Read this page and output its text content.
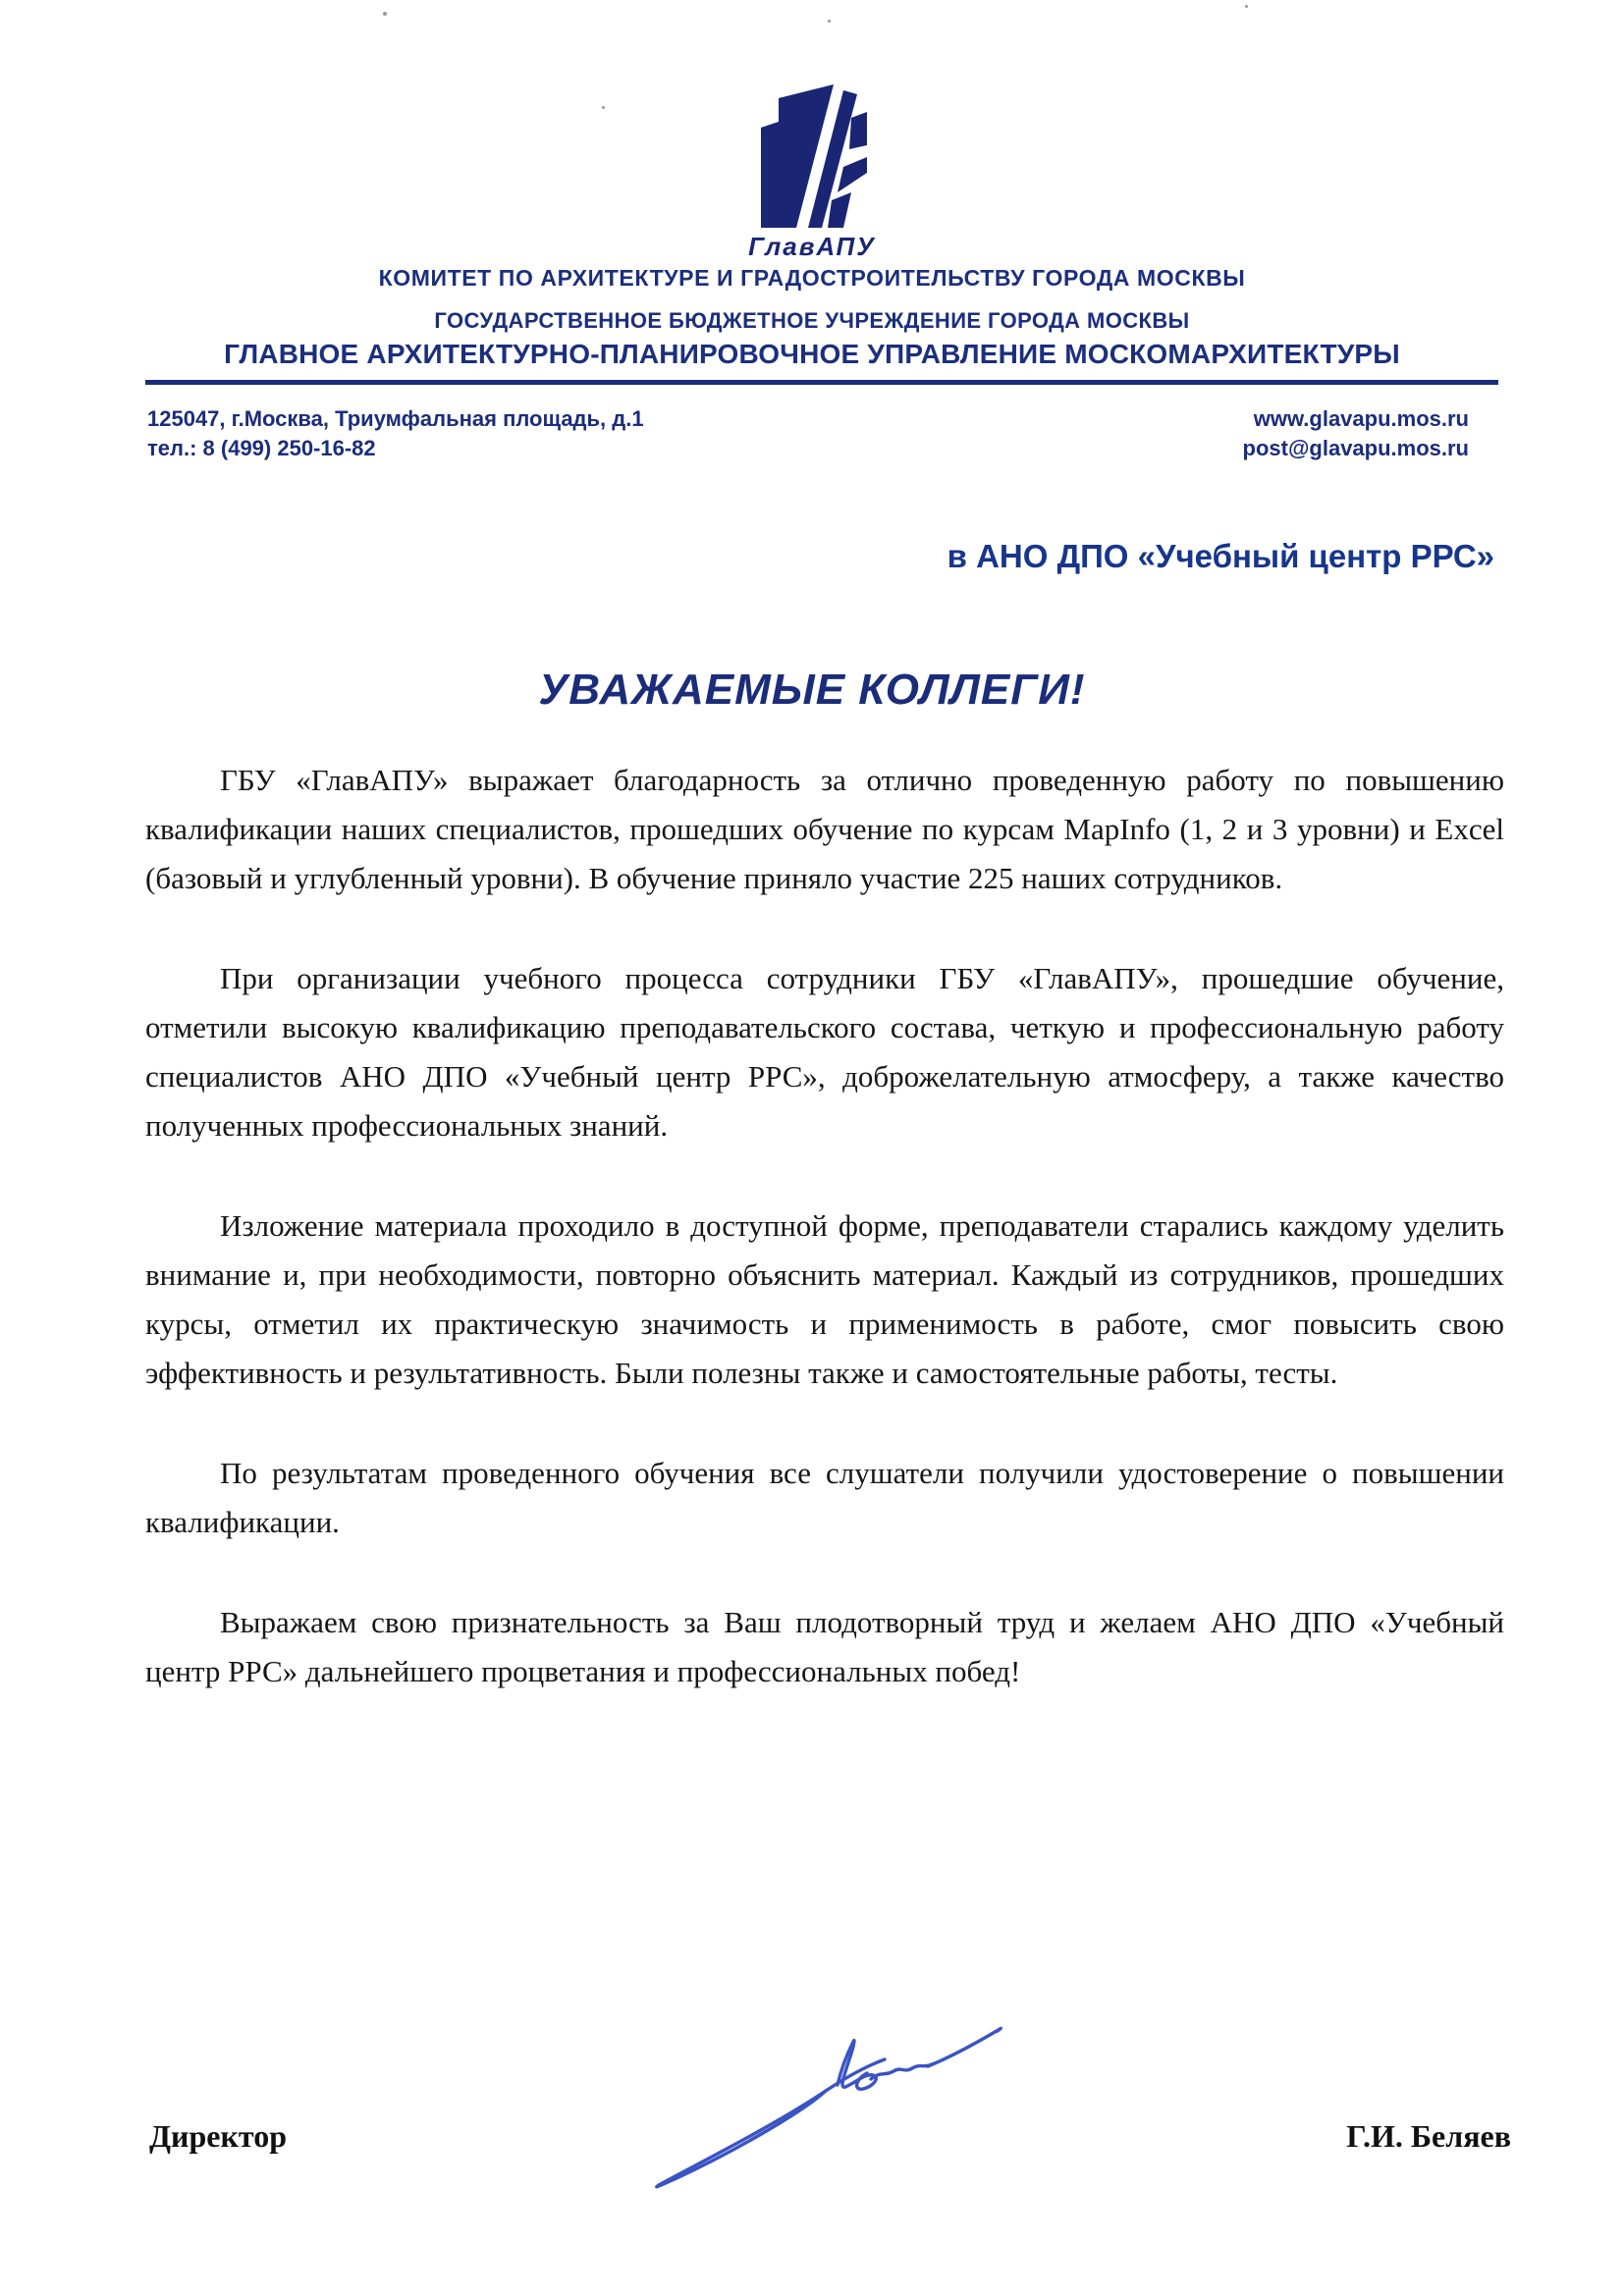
ГлавАПУ
КОМИТЕТ ПО АРХИТЕКТУРЕ И ГРАДОСТРОИТЕЛЬСТВУ ГОРОДА МОСКВЫ
ГОСУДАРСТВЕННОЕ БЮДЖЕТНОЕ УЧРЕЖДЕНИЕ ГОРОДА МОСКВЫ
ГЛАВНОЕ АРХИТЕКТУРНО-ПЛАНИРОВОЧНОЕ УПРАВЛЕНИЕ МОСКОМАРХИТЕКТУРЫ
125047, г.Москва, Триумфальная площадь, д.1
тел.: 8 (499) 250-16-82
www.glavapu.mos.ru
post@glavapu.mos.ru
в АНО ДПО «Учебный центр РРС»
УВАЖАЕМЫЕ КОЛЛЕГИ!

ГБУ «ГлавАПУ» выражает благодарность за отлично проведенную работу по повышению квалификации наших специалистов, прошедших обучение по курсам MapInfo (1, 2 и 3 уровни) и Excel (базовый и углубленный уровни). В обучение приняло участие 225 наших сотрудников.

При организации учебного процесса сотрудники ГБУ «ГлавАПУ», прошедшие обучение, отметили высокую квалификацию преподавательского состава, четкую и профессиональную работу специалистов АНО ДПО «Учебный центр РРС», доброжелательную атмосферу, а также качество полученных профессиональных знаний.

Изложение материала проходило в доступной форме, преподаватели старались каждому уделить внимание и, при необходимости, повторно объяснить материал. Каждый из сотрудников, прошедших курсы, отметил их практическую значимость и применимость в работе, смог повысить свою эффективность и результативность. Были полезны также и самостоятельные работы, тесты.

По результатам проведенного обучения все слушатели получили удостоверение о повышении квалификации.

Выражаем свою признательность за Ваш плодотворный труд и желаем АНО ДПО «Учебный центр РРС» дальнейшего процветания и профессиональных побед!

Директор	Г.И. Беляев
